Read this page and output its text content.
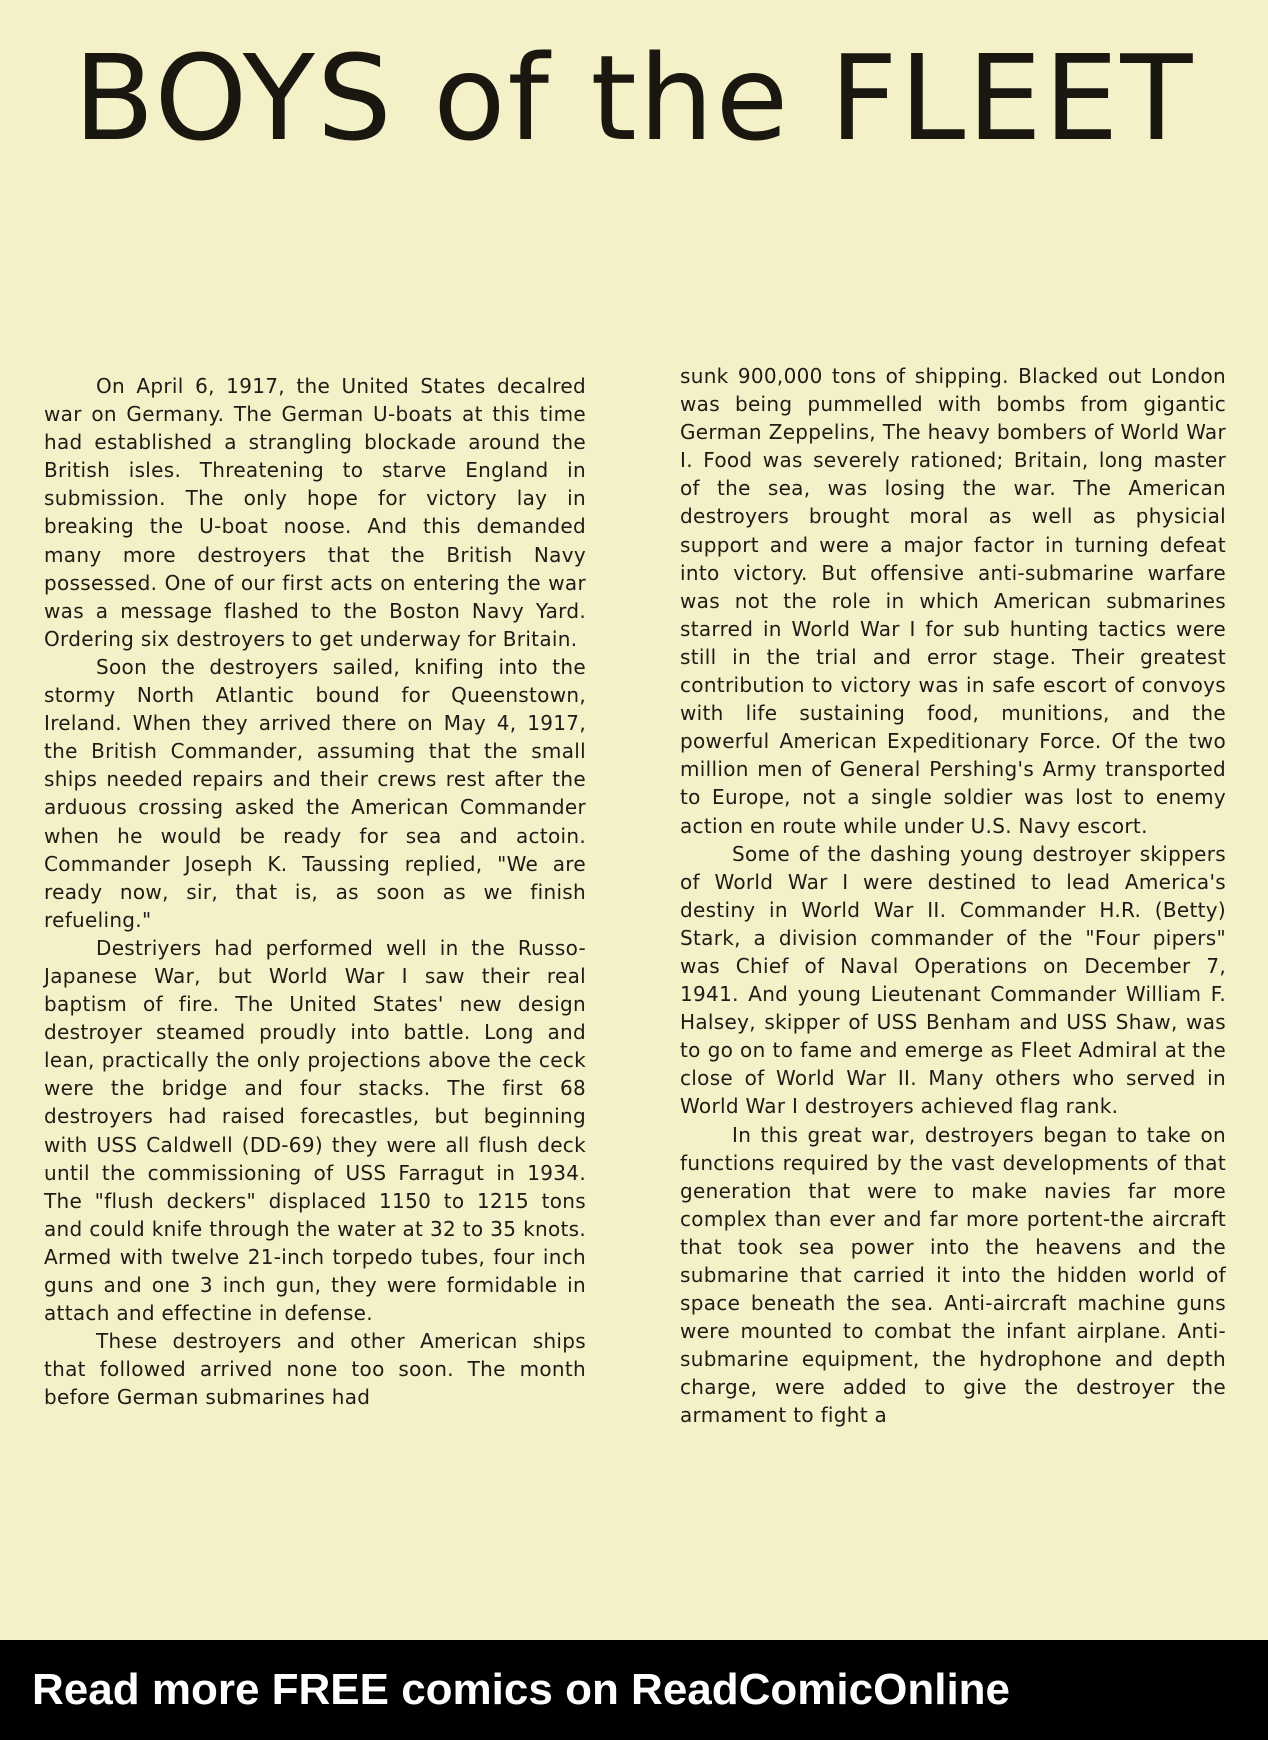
BOYS of the FLEET

On April 6, 1917, the United States decalred war on Germany. The German U-boats at this time had established a strangling blockade around the British isles. Threatening to starve England in submission. The only hope for victory lay in breaking the U-boat noose. And this demanded many more destroyers that the British Navy possessed. One of our first acts on entering the war was a message flashed to the Boston Navy Yard. Ordering six destroyers to get underway for Britain.

Soon the destroyers sailed, knifing into the stormy North Atlantic bound for Queenstown, Ireland. When they arrived there on May 4, 1917, the British Commander, assuming that the small ships needed repairs and their crews rest after the arduous crossing asked the American Commander when he would be ready for sea and actoin. Commander Joseph K. Taussing replied, "We are ready now, sir, that is, as soon as we finish refueling."

Destriyers had performed well in the Russo-Japanese War, but World War I saw their real baptism of fire. The United States' new design destroyer steamed proudly into battle. Long and lean, practically the only projections above the ceck were the bridge and four stacks. The first 68 destroyers had raised forecastles, but beginning with USS Caldwell (DD-69) they were all flush deck until the commissioning of USS Farragut in 1934. The "flush deckers" displaced 1150 to 1215 tons and could knife through the water at 32 to 35 knots. Armed with twelve 21-inch torpedo tubes, four inch guns and one 3 inch gun, they were formidable in attach and effectine in defense.

These destroyers and other American ships that followed arrived none too soon. The month before German submarines had

sunk 900,000 tons of shipping. Blacked out London was being pummelled with bombs from gigantic German Zeppelins, The heavy bombers of World War I. Food was severely rationed; Britain, long master of the sea, was losing the war. The American destroyers brought moral as well as physicial support and were a major factor in turning defeat into victory. But offensive anti-submarine warfare was not the role in which American submarines starred in World War I for sub hunting tactics were still in the trial and error stage. Their greatest contribution to victory was in safe escort of convoys with life sustaining food, munitions, and the powerful American Expeditionary Force. Of the two million men of General Pershing's Army transported to Europe, not a single soldier was lost to enemy action en route while under U.S. Navy escort.

Some of the dashing young destroyer skippers of World War I were destined to lead America's destiny in World War II. Commander H.R. (Betty) Stark, a division commander of the "Four pipers" was Chief of Naval Operations on December 7, 1941. And young Lieutenant Commander William F. Halsey, skipper of USS Benham and USS Shaw, was to go on to fame and emerge as Fleet Admiral at the close of World War II. Many others who served in World War I destroyers achieved flag rank.

In this great war, destroyers began to take on functions required by the vast developments of that generation that were to make navies far more complex than ever and far more portent-the aircraft that took sea power into the heavens and the submarine that carried it into the hidden world of space beneath the sea. Anti-aircraft machine guns were mounted to combat the infant airplane. Anti-submarine equipment, the hydrophone and depth charge, were added to give the destroyer the armament to fight a

Read more FREE comics on ReadComicOnline
